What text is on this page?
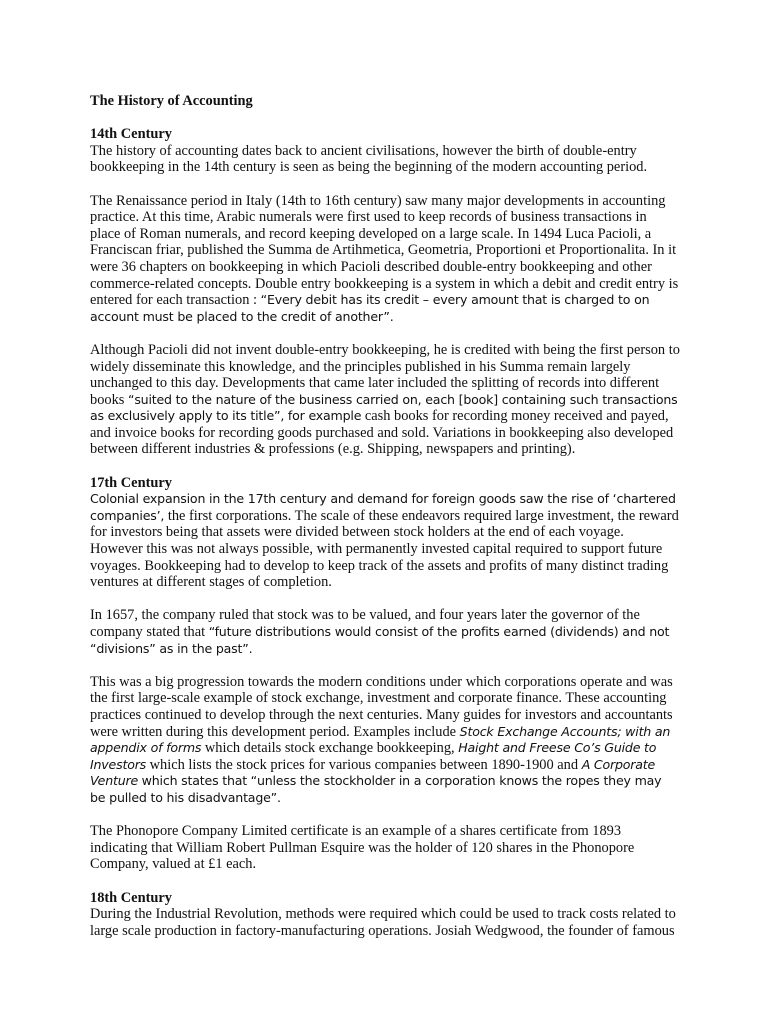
The History of Accounting
14th Century

The history of accounting dates back to ancient civilisations, however the birth of double-entry bookkeeping in the 14th century is seen as being the beginning of the modern accounting period.

The Renaissance period in Italy (14th to 16th century) saw many major developments in accounting practice. At this time, Arabic numerals were first used to keep records of business transactions in place of Roman numerals, and record keeping developed on a large scale. In 1494 Luca Pacioli, a Franciscan friar, published the Summa de Artihmetica, Geometria, Proportioni et Proportionalita. In it were 36 chapters on bookkeeping in which Pacioli described double-entry bookkeeping and other commerce-related concepts. Double entry bookkeeping is a system in which a debit and credit entry is entered for each transaction : “Every debit has its credit – every amount that is charged to on account must be placed to the credit of another”.

Although Pacioli did not invent double-entry bookkeeping, he is credited with being the first person to widely disseminate this knowledge, and the principles published in his Summa remain largely unchanged to this day. Developments that came later included the splitting of records into different books “suited to the nature of the business carried on, each [book] containing such transactions as exclusively apply to its title”, for example cash books for recording money received and payed, and invoice books for recording goods purchased and sold. Variations in bookkeeping also developed between different industries & professions (e.g. Shipping, newspapers and printing).

17th Century

Colonial expansion in the 17th century and demand for foreign goods saw the rise of ‘chartered companies’, the first corporations. The scale of these endeavors required large investment, the reward for investors being that assets were divided between stock holders at the end of each voyage. However this was not always possible, with permanently invested capital required to support future voyages. Bookkeeping had to develop to keep track of the assets and profits of many distinct trading ventures at different stages of completion.

In 1657, the company ruled that stock was to be valued, and four years later the governor of the company stated that “future distributions would consist of the profits earned (dividends) and not “divisions” as in the past”.

This was a big progression towards the modern conditions under which corporations operate and was the first large-scale example of stock exchange, investment and corporate finance. These accounting practices continued to develop through the next centuries. Many guides for investors and accountants were written during this development period. Examples include Stock Exchange Accounts; with an appendix of forms which details stock exchange bookkeeping, Haight and Freese Co’s Guide to Investors which lists the stock prices for various companies between 1890-1900 and A Corporate Venture which states that “unless the stockholder in a corporation knows the ropes they may be pulled to his disadvantage”.

The Phonopore Company Limited certificate is an example of a shares certificate from 1893 indicating that William Robert Pullman Esquire was the holder of 120 shares in the Phonopore Company, valued at £1 each.

18th Century

During the Industrial Revolution, methods were required which could be used to track costs related to large scale production in factory-manufacturing operations. Josiah Wedgwood, the founder of famous
